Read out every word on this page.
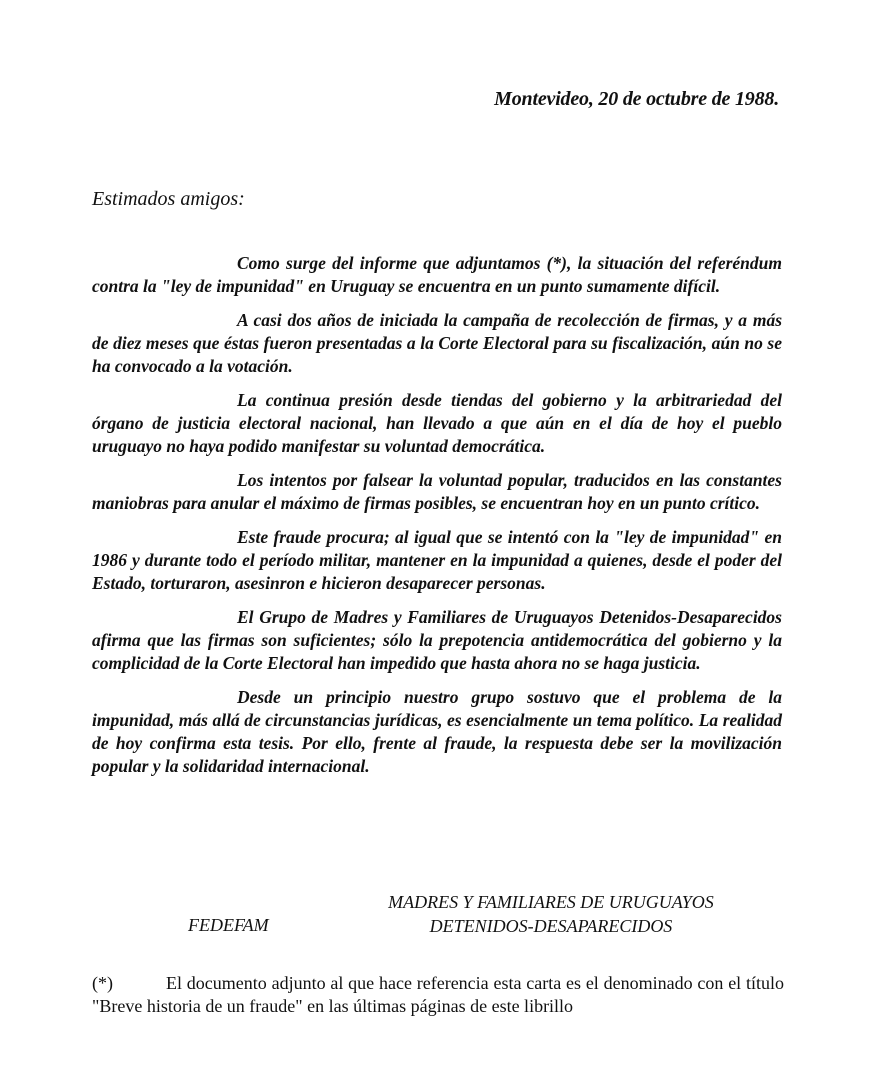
Montevideo, 20 de octubre de 1988.
Estimados amigos:

Como surge del informe que adjuntamos (*), la situación del referéndum contra la "ley de impunidad" en Uruguay se encuentra en un punto sumamente difícil.

A casi dos años de iniciada la campaña de recolección de firmas, y a más de diez meses que éstas fueron presentadas a la Corte Electoral para su fiscalización, aún no se ha convocado a la votación.

La continua presión desde tiendas del gobierno y la arbitrariedad del órgano de justicia electoral nacional, han llevado a que aún en el día de hoy el pueblo uruguayo no haya podido manifestar su voluntad democrática.

Los intentos por falsear la voluntad popular, traducidos en las constantes maniobras para anular el máximo de firmas posibles, se encuentran hoy en un punto crítico.

Este fraude procura; al igual que se intentó con la "ley de impunidad" en 1986 y durante todo el período militar, mantener en la impunidad a quienes, desde el poder del Estado, torturaron, asesinron e hicieron desaparecer personas.

El Grupo de Madres y Familiares de Uruguayos Detenidos-Desaparecidos afirma que las firmas son suficientes; sólo la prepotencia antidemocrática del gobierno y la complicidad de la Corte Electoral han impedido que hasta ahora no se haga justicia.

Desde un principio nuestro grupo sostuvo que el problema de la impunidad, más allá de circunstancias jurídicas, es esencialmente un tema político. La realidad de hoy confirma esta tesis. Por ello, frente al fraude, la respuesta debe ser la movilización popular y la solidaridad internacional.

FEDEFAM
MADRES Y FAMILIARES DE URUGUAYOS
DETENIDOS-DESAPARECIDOS
(*)	El documento adjunto al que hace referencia esta carta es el denominado con el título "Breve historia de un fraude" en las últimas páginas de este librillo
